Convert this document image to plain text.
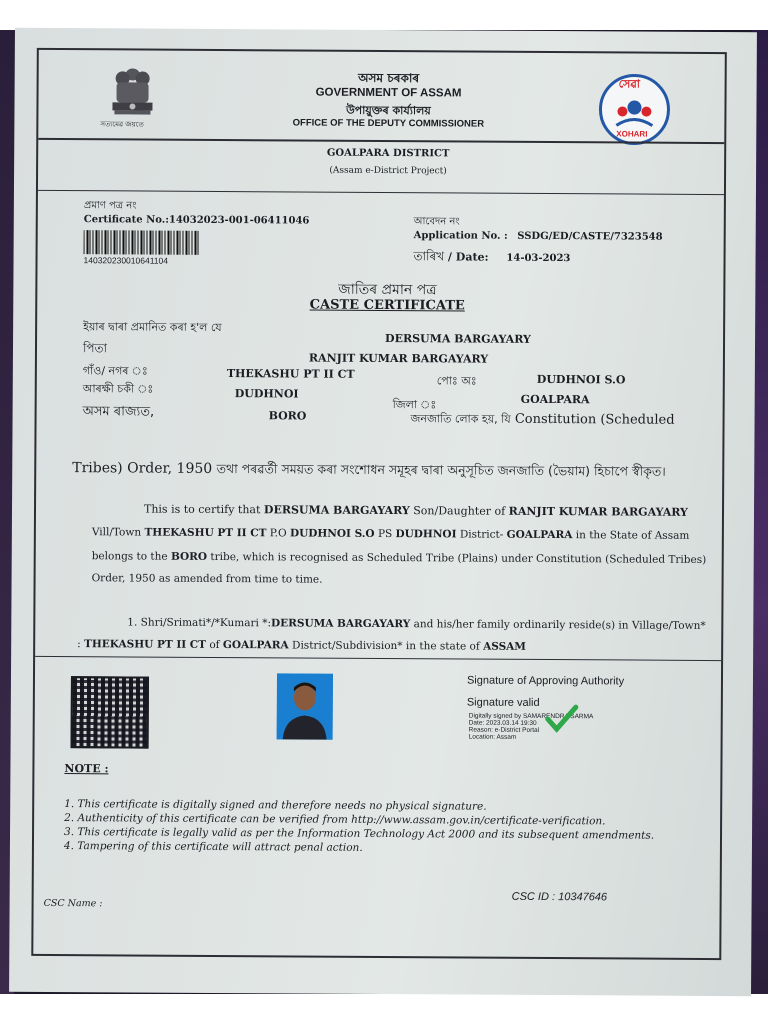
সত্যমেৱ জয়তে
অসম চৰকাৰ
GOVERNMENT OF ASSAM
উপায়ুক্তৰ কাৰ্য্যালয়
OFFICE OF THE DEPUTY COMMISSIONER
সেৱা
XOHARI
GOALPARA DISTRICT
(Assam e-District Project)
প্ৰমাণ পত্ৰ নং
Certificate No.:14032023-001-06411046
140320230010641104
আবেদন নং
Application No. : SSDG/ED/CASTE/7323548
তাৰিখ / Date: 14-03-2023
জাতিৰ প্ৰমান পত্ৰ
CASTE CERTIFICATE
ইয়াৰ দ্বাৰা প্ৰমানিত কৰা হ'ল যে
DERSUMA BARGAYARY
পিতা
RANJIT KUMAR BARGAYARY
গাঁও/ নগৰ ঃ	THEKASHU PT II CT
পোঃ অঃ	DUDHNOI S.O
আৰক্ষী চকী ঃ	DUDHNOI
জিলা ঃ	GOALPARA
অসম ৰাজ্যত,	BORO	জনজাতি লোক হয়, যি Constitution (Scheduled
Tribes) Order, 1950 তথা পৰৱৰ্তী সময়ত কৰা সংশোধন সমূহৰ দ্বাৰা অনুসূচিত জনজাতি (ভৈয়াম) হিচাপে স্বীকৃত।
This is to certify that DERSUMA BARGAYARY Son/Daughter of RANJIT KUMAR BARGAYARY
Vill/Town THEKASHU PT II CT P.O DUDHNOI S.O PS DUDHNOI District- GOALPARA in the State of Assam
belongs to the BORO tribe, which is recognised as Scheduled Tribe (Plains) under Constitution (Scheduled Tribes)
Order, 1950 as amended from time to time.
1. Shri/Srimati*/*Kumari *:DERSUMA BARGAYARY and his/her family ordinarily reside(s) in Village/Town*
: THEKASHU PT II CT of GOALPARA District/Subdivision* in the state of ASSAM
Signature of Approving Authority
Signature valid
Digitally signed by SAMARENDRA SARMA
Date: 2023.03.14 19:30
Reason: e-District Portal
Location: Assam
NOTE :
1. This certificate is digitally signed and therefore needs no physical signature.
2. Authenticity of this certificate can be verified from http://www.assam.gov.in/certificate-verification.
3. This certificate is legally valid as per the Information Technology Act 2000 and its subsequent amendments.
4. Tampering of this certificate will attract penal action.
CSC Name :
CSC ID : 10347646
